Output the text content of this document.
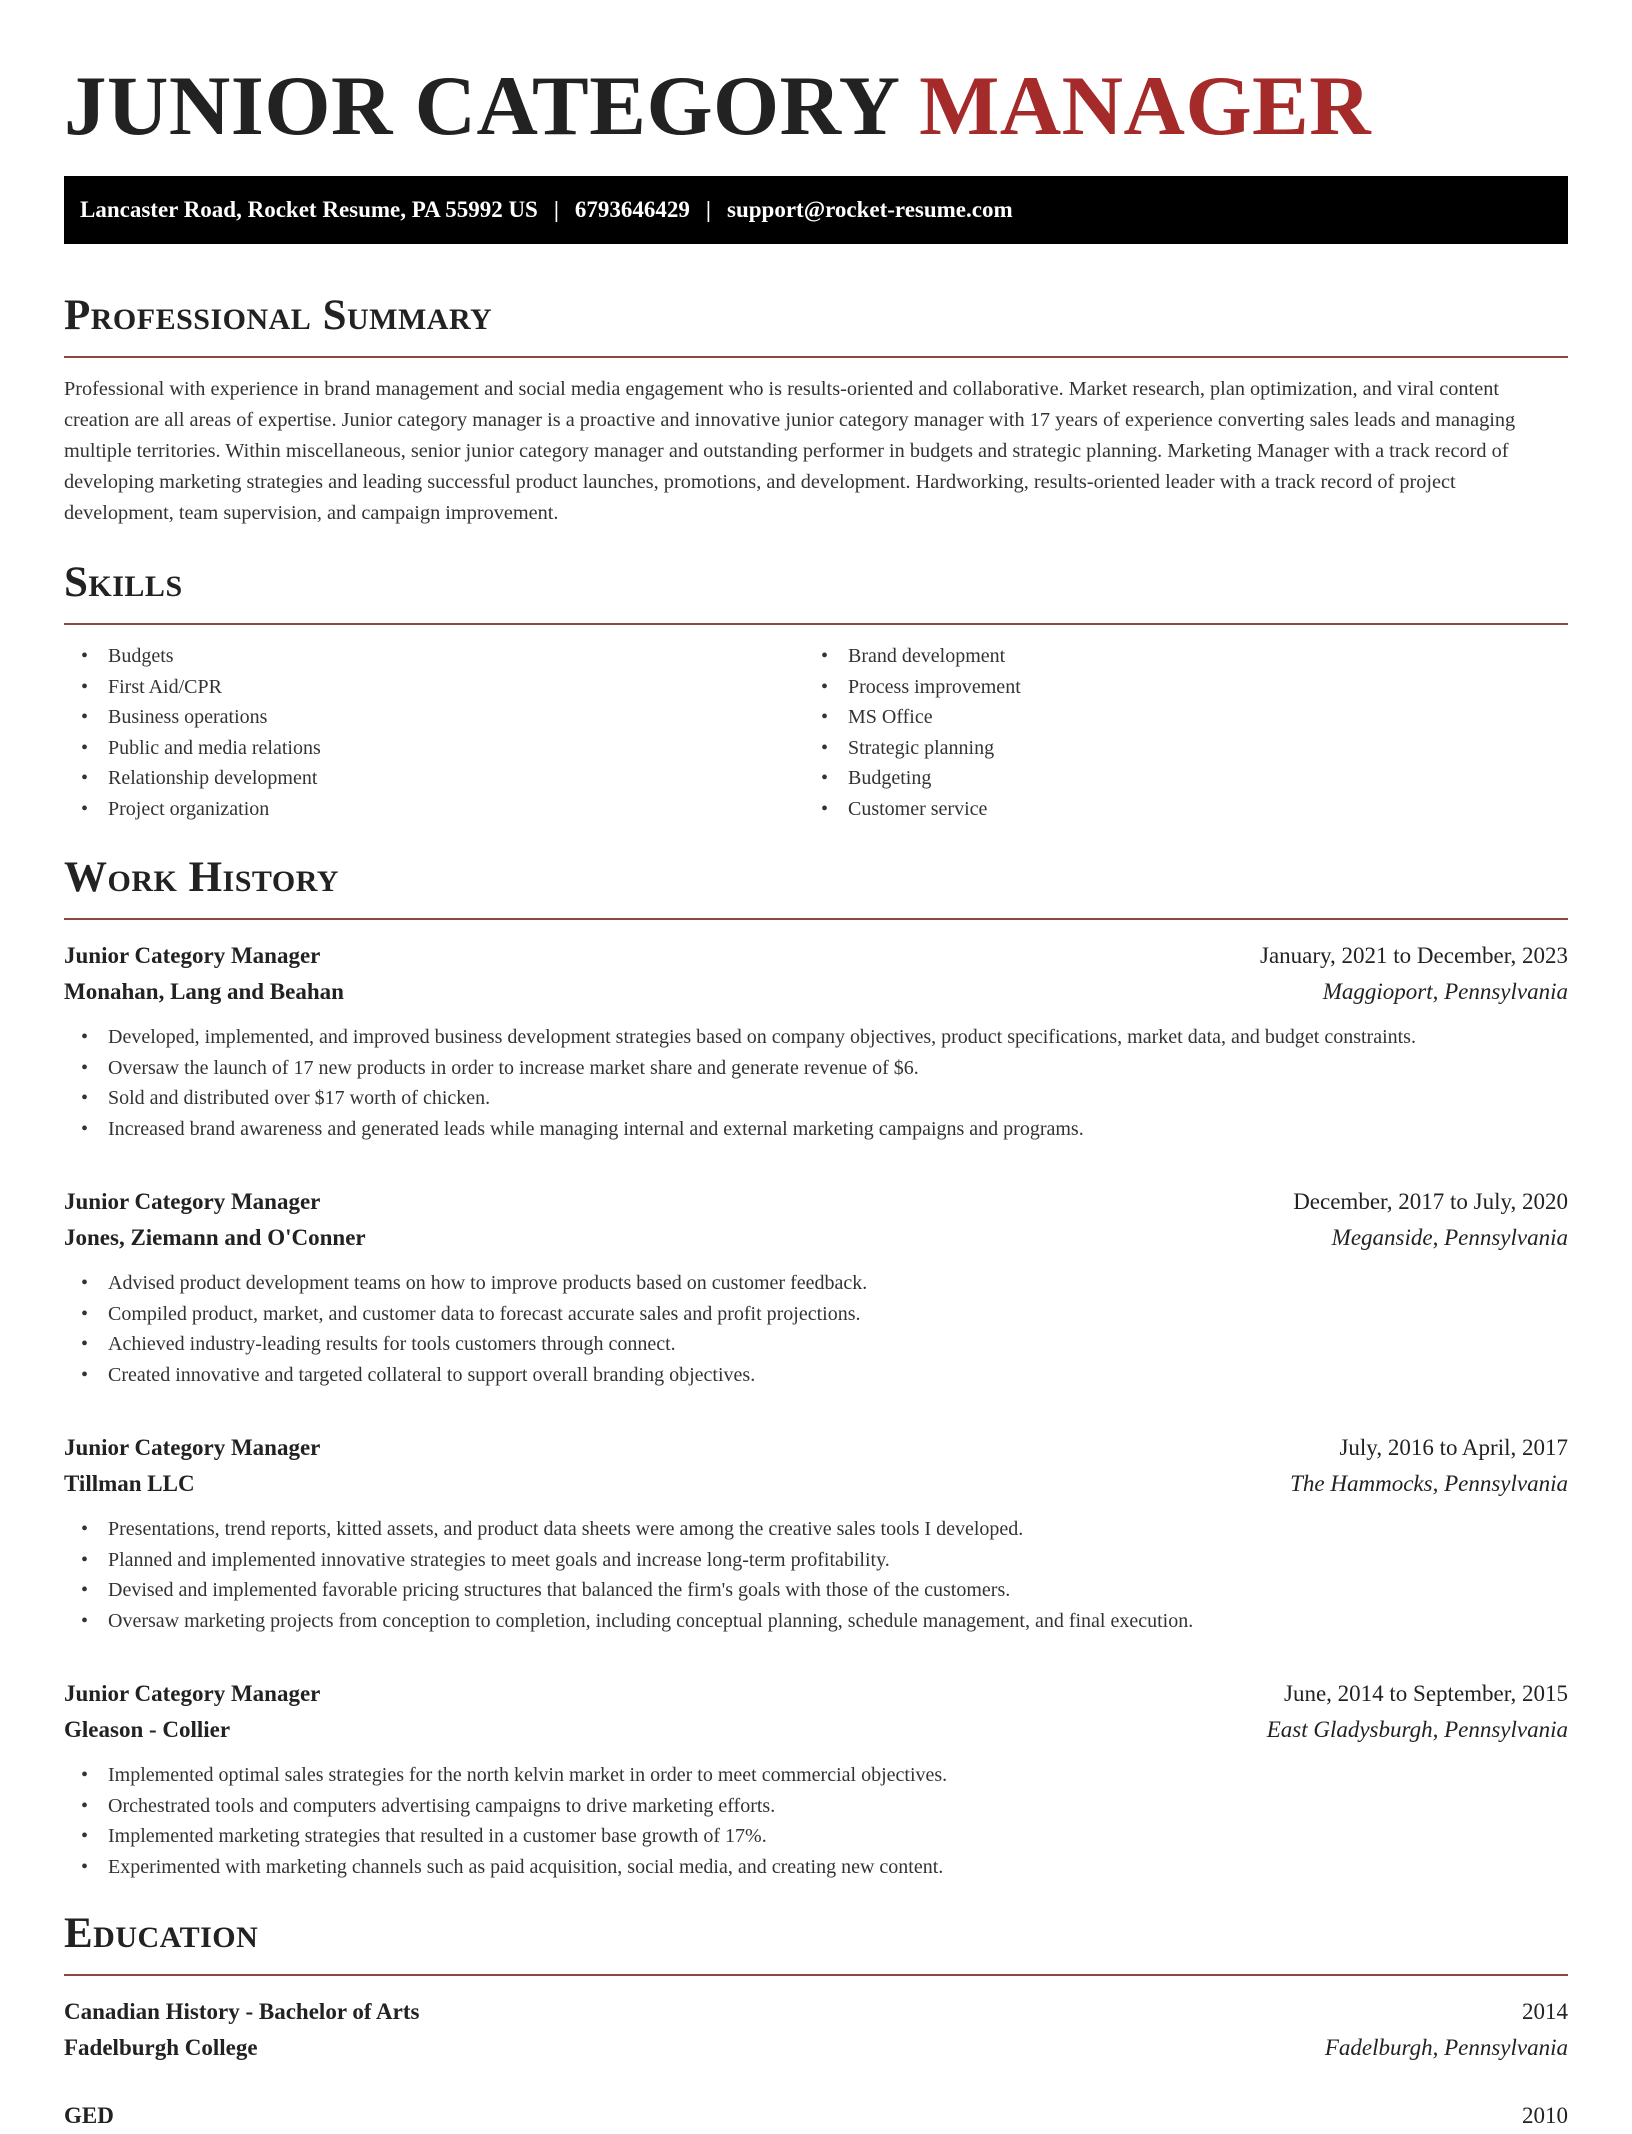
JUNIOR CATEGORY MANAGER
Lancaster Road, Rocket Resume, PA 55992 US | 6793646429 | support@rocket-resume.com
Professional Summary

Professional with experience in brand management and social media engagement who is results-oriented and collaborative. Market research, plan optimization, and viral content creation are all areas of expertise. Junior category manager is a proactive and innovative junior category manager with 17 years of experience converting sales leads and managing multiple territories. Within miscellaneous, senior junior category manager and outstanding performer in budgets and strategic planning. Marketing Manager with a track record of developing marketing strategies and leading successful product launches, promotions, and development. Hardworking, results-oriented leader with a track record of project development, team supervision, and campaign improvement.

Skills
• Budgets
• First Aid/CPR
• Business operations
• Public and media relations
• Relationship development
• Project organization
• Brand development
• Process improvement
• MS Office
• Strategic planning
• Budgeting
• Customer service
Work History
Junior Category Manager	January, 2021 to December, 2023
Monahan, Lang and Beahan	Maggioport, Pennsylvania
• Developed, implemented, and improved business development strategies based on company objectives, product specifications, market data, and budget constraints.
• Oversaw the launch of 17 new products in order to increase market share and generate revenue of $6.
• Sold and distributed over $17 worth of chicken.
• Increased brand awareness and generated leads while managing internal and external marketing campaigns and programs.
Junior Category Manager	December, 2017 to July, 2020
Jones, Ziemann and O'Conner	Meganside, Pennsylvania
• Advised product development teams on how to improve products based on customer feedback.
• Compiled product, market, and customer data to forecast accurate sales and profit projections.
• Achieved industry-leading results for tools customers through connect.
• Created innovative and targeted collateral to support overall branding objectives.
Junior Category Manager	July, 2016 to April, 2017
Tillman LLC	The Hammocks, Pennsylvania
• Presentations, trend reports, kitted assets, and product data sheets were among the creative sales tools I developed.
• Planned and implemented innovative strategies to meet goals and increase long-term profitability.
• Devised and implemented favorable pricing structures that balanced the firm's goals with those of the customers.
• Oversaw marketing projects from conception to completion, including conceptual planning, schedule management, and final execution.
Junior Category Manager	June, 2014 to September, 2015
Gleason - Collier	East Gladysburgh, Pennsylvania
• Implemented optimal sales strategies for the north kelvin market in order to meet commercial objectives.
• Orchestrated tools and computers advertising campaigns to drive marketing efforts.
• Implemented marketing strategies that resulted in a customer base growth of 17%.
• Experimented with marketing channels such as paid acquisition, social media, and creating new content.
Education
Canadian History - Bachelor of Arts	2014
Fadelburgh College	Fadelburgh, Pennsylvania
GED	2010
